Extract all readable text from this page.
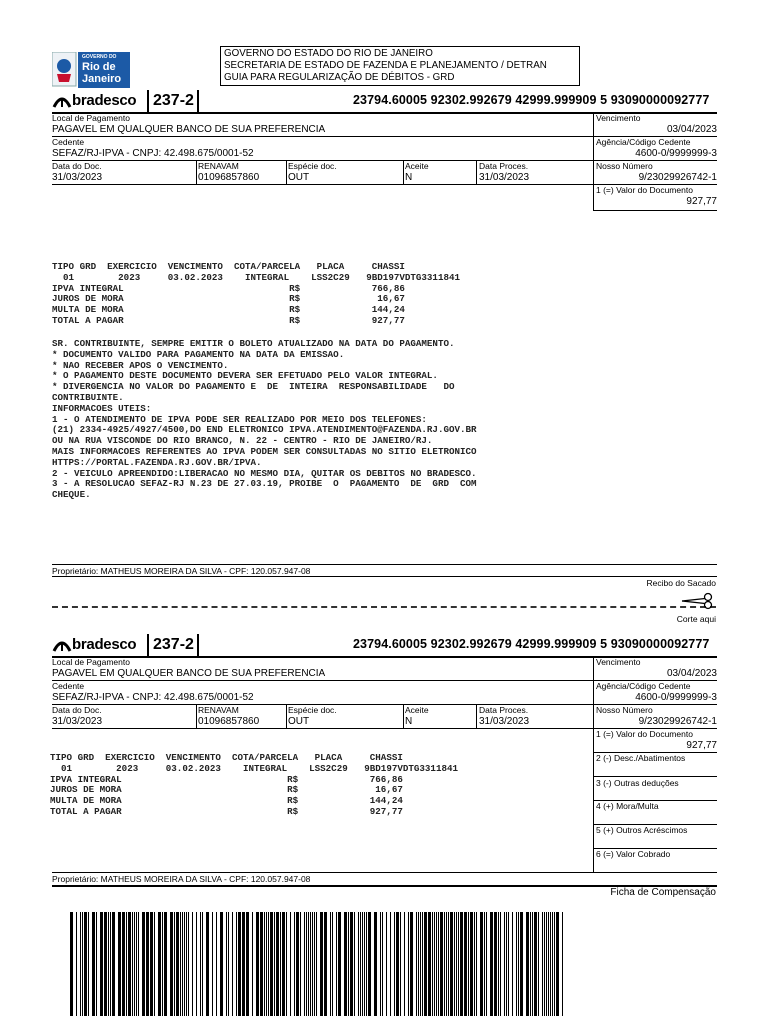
GOVERNO DO
Rio de
Janeiro
GOVERNO DO ESTADO DO RIO DE JANEIRO
SECRETARIA DE ESTADO DE FAZENDA E PLANEJAMENTO / DETRAN
GUIA PARA REGULARIZAÇÃO DE DÉBITOS - GRD
bradesco 237-2	23794.60005 92302.992679 42999.999909 5 93090000092777
Local de Pagamento
PAGAVEL EM QUALQUER BANCO DE SUA PREFERENCIA
Vencimento
03/04/2023
Cedente
SEFAZ/RJ-IPVA - CNPJ: 42.498.675/0001-52
Agência/Código Cedente
4600-0/9999999-3
Data do Doc.
31/03/2023
RENAVAM
01096857860
Espécie doc.
OUT
Aceite
N
Data Proces.
31/03/2023
Nosso Número
9/23029926742-1
1 (=) Valor do Documento
927,77
TIPO GRD  EXERCICIO  VENCIMENTO  COTA/PARCELA   PLACA     CHASSI
01        2023     03.02.2023    INTEGRAL    LSS2C29   9BD197VDTG3311841
IPVA INTEGRAL                              R$             766,86
JUROS DE MORA                              R$              16,67
MULTA DE MORA                              R$             144,24
TOTAL A PAGAR                              R$             927,77
SR. CONTRIBUINTE, SEMPRE EMITIR O BOLETO ATUALIZADO NA DATA DO PAGAMENTO.
* DOCUMENTO VALIDO PARA PAGAMENTO NA DATA DA EMISSAO.
* NAO RECEBER APOS O VENCIMENTO.
* O PAGAMENTO DESTE DOCUMENTO DEVERA SER EFETUADO PELO VALOR INTEGRAL.
* DIVERGENCIA NO VALOR DO PAGAMENTO E  DE  INTEIRA  RESPONSABILIDADE   DO
CONTRIBUINTE.
INFORMACOES UTEIS:
1 - O ATENDIMENTO DE IPVA PODE SER REALIZADO POR MEIO DOS TELEFONES:
(21) 2334-4925/4927/4500,DO END ELETRONICO IPVA.ATENDIMENTO@FAZENDA.RJ.GOV.BR
OU NA RUA VISCONDE DO RIO BRANCO, N. 22 - CENTRO - RIO DE JANEIRO/RJ.
MAIS INFORMACOES REFERENTES AO IPVA PODEM SER CONSULTADAS NO SITIO ELETRONICO
HTTPS://PORTAL.FAZENDA.RJ.GOV.BR/IPVA.
2 - VEICULO APREENDIDO:LIBERACAO NO MESMO DIA, QUITAR OS DEBITOS NO BRADESCO.
3 - A RESOLUCAO SEFAZ-RJ N.23 DE 27.03.19, PROIBE  O  PAGAMENTO  DE  GRD  COM
CHEQUE.
Proprietário: MATHEUS MOREIRA DA SILVA - CPF: 120.057.947-08
Recibo do Sacado
Corte aqui
bradesco 237-2	23794.60005 92302.992679 42999.999909 5 93090000092777
Local de Pagamento
PAGAVEL EM QUALQUER BANCO DE SUA PREFERENCIA
Vencimento
03/04/2023
Cedente
SEFAZ/RJ-IPVA - CNPJ: 42.498.675/0001-52
Agência/Código Cedente
4600-0/9999999-3
Data do Doc.
31/03/2023
RENAVAM
01096857860
Espécie doc.
OUT
Aceite
N
Data Proces.
31/03/2023
Nosso Número
9/23029926742-1
1 (=) Valor do Documento
927,77
2 (-) Desc./Abatimentos
3 (-) Outras deduções
4 (+) Mora/Multa
5 (+) Outros Acréscimos
6 (=) Valor Cobrado
TIPO GRD  EXERCICIO  VENCIMENTO  COTA/PARCELA   PLACA     CHASSI
01        2023     03.02.2023    INTEGRAL    LSS2C29   9BD197VDTG3311841
IPVA INTEGRAL                              R$             766,86
JUROS DE MORA                              R$              16,67
MULTA DE MORA                              R$             144,24
TOTAL A PAGAR                              R$             927,77
Proprietário: MATHEUS MOREIRA DA SILVA - CPF: 120.057.947-08
Ficha de Compensação
